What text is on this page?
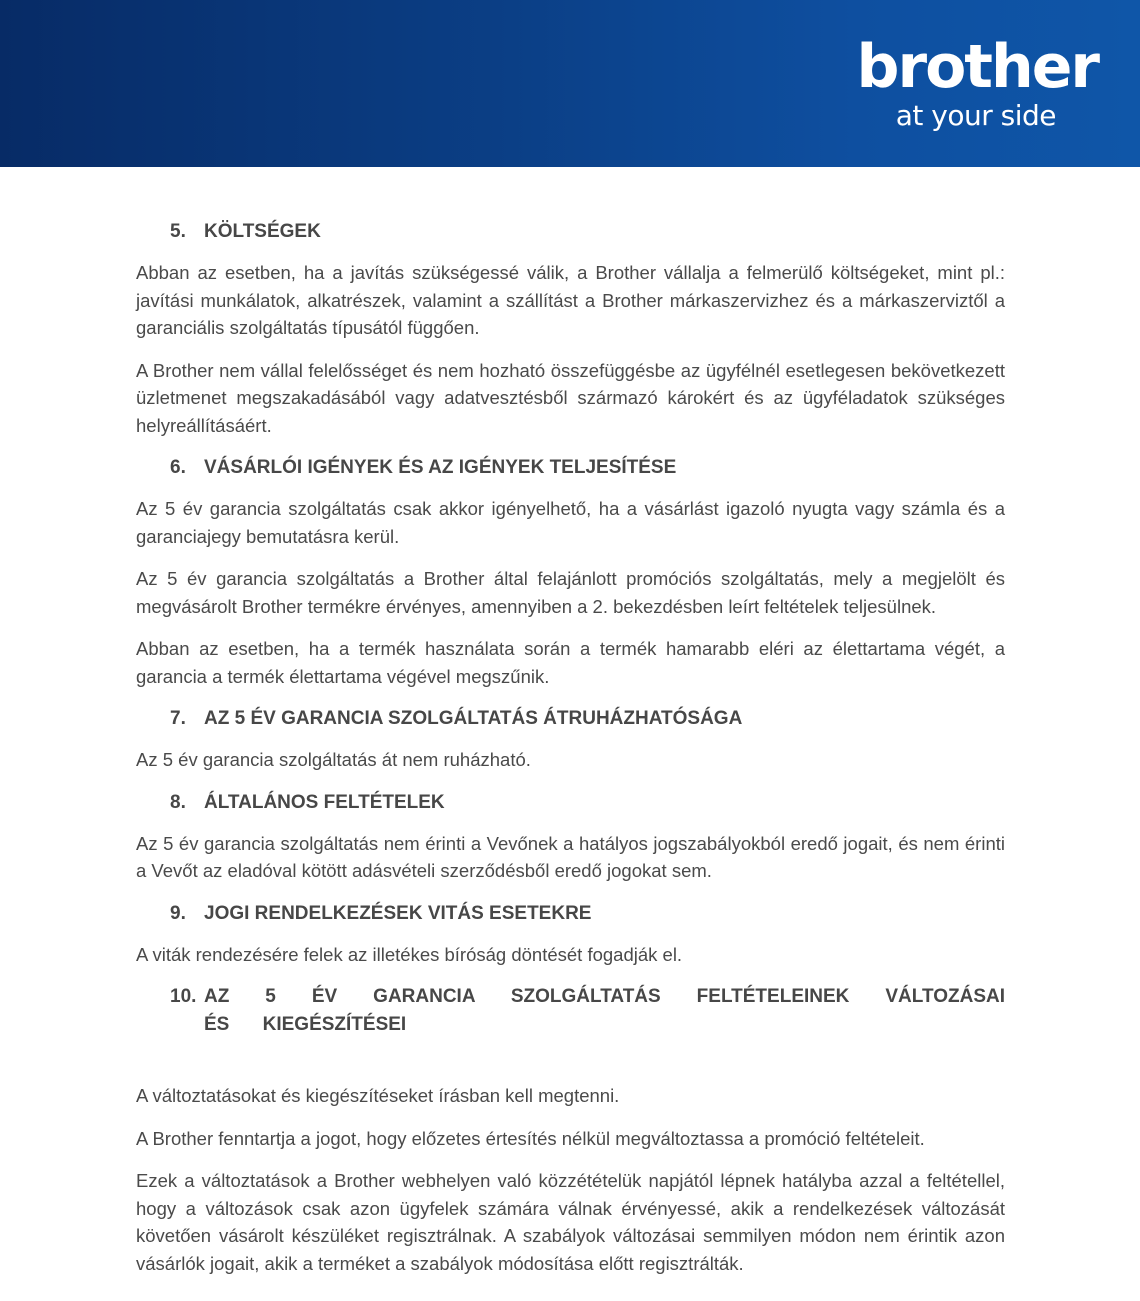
brother
at your side
5. KÖLTSÉGEK

Abban az esetben, ha a javítás szükségessé válik, a Brother vállalja a felmerülő költségeket, mint pl.: javítási munkálatok, alkatrészek, valamint a szállítást a Brother márkaszervizhez és a márkaszerviztől a garanciális szolgáltatás típusától függően.

A Brother nem vállal felelősséget és nem hozható összefüggésbe az ügyfélnél esetlegesen bekövetkezett üzletmenet megszakadásából vagy adatvesztésből származó károkért és az ügyféladatok szükséges helyreállításáért.

6. VÁSÁRLÓI IGÉNYEK ÉS AZ IGÉNYEK TELJESÍTÉSE

Az 5 év garancia szolgáltatás csak akkor igényelhető, ha a vásárlást igazoló nyugta vagy számla és a garanciajegy bemutatásra kerül.

Az 5 év garancia szolgáltatás a Brother által felajánlott promóciós szolgáltatás, mely a megjelölt és megvásárolt Brother termékre érvényes, amennyiben a 2. bekezdésben leírt feltételek teljesülnek.

Abban az esetben, ha a termék használata során a termék hamarabb eléri az élettartama végét, a garancia a termék élettartama végével megszűnik.

7. AZ 5 ÉV GARANCIA SZOLGÁLTATÁS ÁTRUHÁZHATÓSÁGA

Az 5 év garancia szolgáltatás át nem ruházható.

8. ÁLTALÁNOS FELTÉTELEK

Az 5 év garancia szolgáltatás nem érinti a Vevőnek a hatályos jogszabályokból eredő jogait, és nem érinti a Vevőt az eladóval kötött adásvételi szerződésből eredő jogokat sem.

9. JOGI RENDELKEZÉSEK VITÁS ESETEKRE

A viták rendezésére felek az illetékes bíróság döntését fogadják el.

10. AZ 5 ÉV GARANCIA SZOLGÁLTATÁS FELTÉTELEINEK VÁLTOZÁSAI ÉS KIEGÉSZÍTÉSEI

A változtatásokat és kiegészítéseket írásban kell megtenni.

A Brother fenntartja a jogot, hogy előzetes értesítés nélkül megváltoztassa a promóció feltételeit.

Ezek a változtatások a Brother webhelyen való közzétételük napjától lépnek hatályba azzal a feltétellel, hogy a változások csak azon ügyfelek számára válnak érvényessé, akik a rendelkezések változását követően vásárolt készüléket regisztrálnak. A szabályok változásai semmilyen módon nem érintik azon vásárlók jogait, akik a terméket a szabályok módosítása előtt regisztrálták.
